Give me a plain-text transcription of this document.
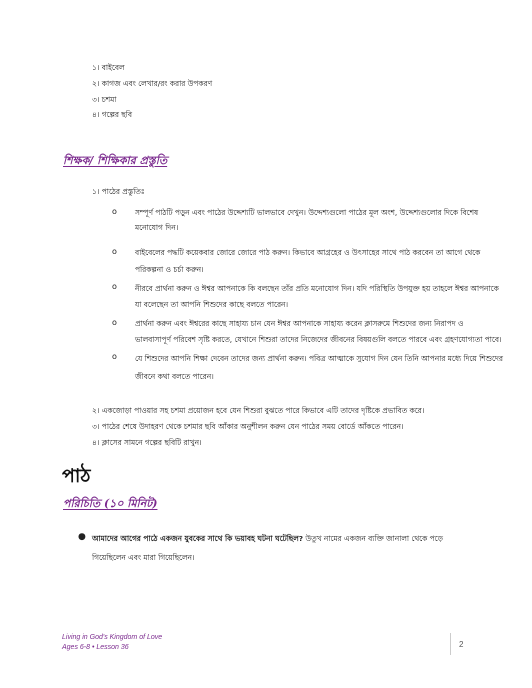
১। বাইবেল
২। কাগজ এবং লেখার/রং করার উপকরণ
৩। চশমা
৪। গল্পের ছবি
শিক্ষক/ শিক্ষিকার প্রস্তুতি
১। পাঠের প্রস্তুতিঃ
o সম্পূর্ণ পাঠটি পড়ুন এবং পাঠের উদ্দেশ্যটি ভালভাবে দেখুন। উদ্দেশ্যগুলো পাঠের মূল অংশ, উদ্দেশ্যগুলোর দিকে বিশেষ
মনোযোগ দিন।
o বাইবেলের পদ্ধটি কয়েকবার জোরে জোরে পাঠ করুন। কিভাবে আগ্রহের ও উৎসাহের সাথে পাঠ করবেন তা আগে থেকে
পরিকল্পনা ও চর্চা করুন।
o নীরবে প্রার্থনা করুন ও ঈশ্বর আপনাকে কি বলছেন তাঁর প্রতি মনোযোগ দিন। যদি পরিস্থিতি উপযুক্ত হয় তাহলে ঈশ্বর আপনাকে
যা বলেছেন তা আপনি শিশুদের কাছে বলতে পারেন।
o প্রার্থনা করুন এবং ঈশ্বরের কাছে সাহায্য চান যেন ঈশ্বর আপনাকে সাহায্য করেন ক্লাসরুমে শিশুদের জন্য নিরাপদ ও
ভালবাসাপূর্ণ পরিবেশ সৃষ্টি করতে, যেখানে শিশুরা তাদের নিজেদের জীবনের বিষয়গুলি বলতে পারবে এবং গ্রহণযোগ্যতা পাবে।
o যে শিশুদের আপনি শিক্ষা দেবেন তাদের জন্য প্রার্থনা করুন। পবিত্র আত্মাকে সুযোগ দিন যেন তিনি আপনার মধ্যে দিয়ে শিশুদের
জীবনে কথা বলতে পারেন।
২। একজোড়া পাওয়ার সহ চশমা প্রয়োজন হবে যেন শিশুরা বুঝতে পারে কিভাবে এটি তাদের দৃষ্টিকে প্রভাবিত করে।
৩। পাঠের শেষে উদাহরণ থেকে চশমার ছবি আঁকার অনুশীলন করুন যেন পাঠের সময় বোর্ডে আঁকতে পারেন।
৪। ক্লাসের সামনে গল্পের ছবিটি রাখুন।
পাঠ
পরিচিতি (১০ মিনিট)
● আমাদের আগের পাঠে একজন যুবকের সাথে কি ভয়াবহ ঘটনা ঘটেছিল? উতুখ নামের একজন ব্যক্তি জানালা থেকে পড়ে
গিয়েছিলেন এবং মারা গিয়েছিলেন।
Living in God's Kingdom of Love
Ages 6-8 • Lesson 36	2
